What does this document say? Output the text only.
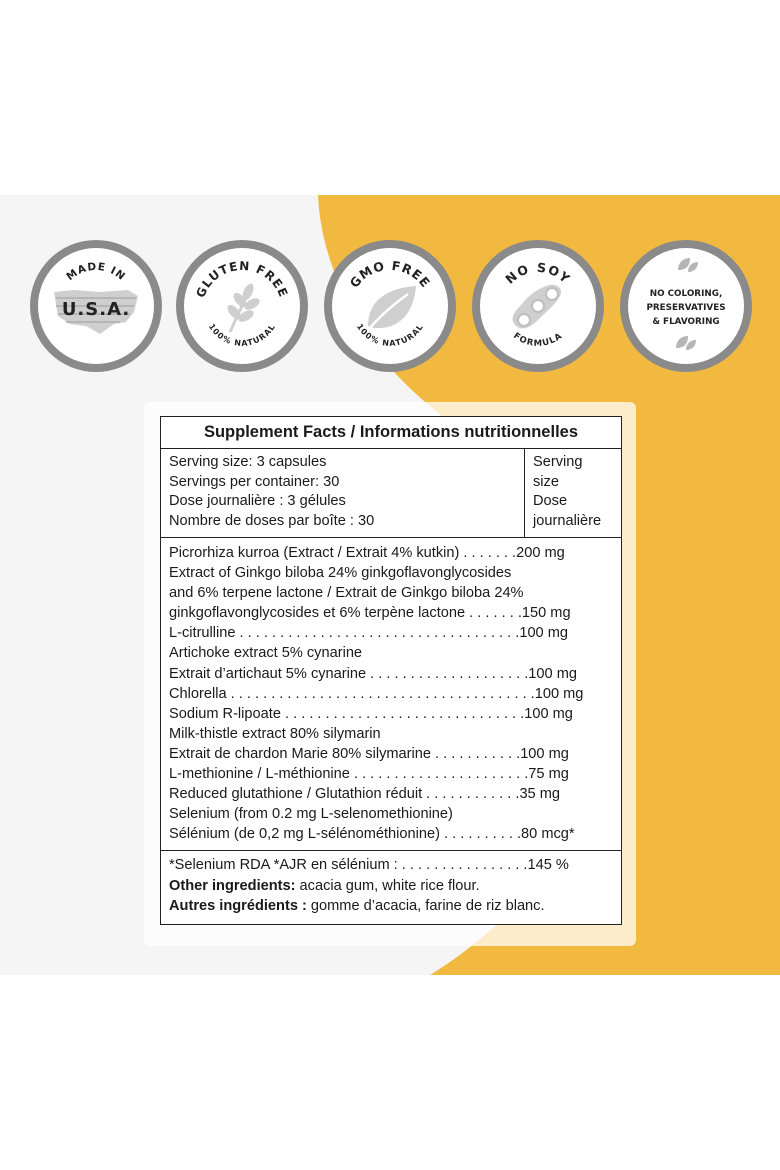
MADE IN
U.S.A.
GLUTEN FREE
100% NATURAL
GMO FREE
100% NATURAL
NO SOY
FORMULA
NO COLORING,
PRESERVATIVES
& FLAVORING
Supplement Facts / Informations nutritionnelles
Serving size: 3 capsules
Servings per container: 30
Dose journalière : 3 gélules
Nombre de doses par boîte : 30
Serving
size
Dose
journalière
Picrorhiza kurroa (Extract / Extrait 4% kutkin) . . . . . . .200 mg
Extract of Ginkgo biloba 24% ginkgoflavonglycosides
and 6% terpene lactone / Extrait de Ginkgo biloba 24%
ginkgoflavonglycosides et 6% terpène lactone . . . . . . .150 mg
L-citrulline . . . . . . . . . . . . . . . . . . . . . . . . . . . . . . . . . . .100 mg
Artichoke extract 5% cynarine
Extrait d’artichaut 5% cynarine . . . . . . . . . . . . . . . . . . . .100 mg
Chlorella . . . . . . . . . . . . . . . . . . . . . . . . . . . . . . . . . . . . . .100 mg
Sodium R-lipoate . . . . . . . . . . . . . . . . . . . . . . . . . . . . . .100 mg
Milk-thistle extract 80% silymarin
Extrait de chardon Marie 80% silymarine . . . . . . . . . . .100 mg
L-methionine / L-méthionine . . . . . . . . . . . . . . . . . . . . . .75 mg
Reduced glutathione / Glutathion réduit . . . . . . . . . . . .35 mg
Selenium (from 0.2 mg L-selenomethionine)
Sélénium (de 0,2 mg L-sélénométhionine) . . . . . . . . . .80 mcg*
*Selenium RDA *AJR en sélénium : . . . . . . . . . . . . . . . .145 %
Other ingredients: acacia gum, white rice flour.
Autres ingrédients : gomme d’acacia, farine de riz blanc.
